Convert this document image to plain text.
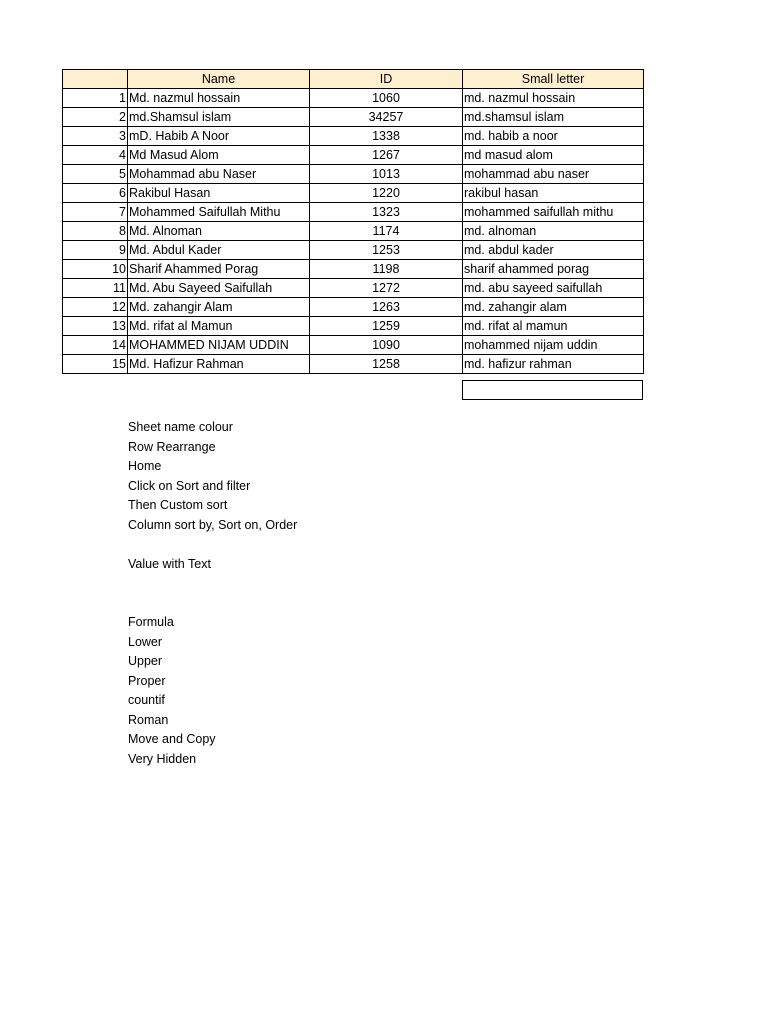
	Name	ID	Small letter
1	Md. nazmul hossain	1060	md. nazmul hossain
2	md.Shamsul islam	34257	md.shamsul islam
3	mD. Habib A Noor	1338	md. habib a noor
4	Md Masud Alom	1267	md masud alom
5	Mohammad abu Naser	1013	mohammad abu naser
6	Rakibul Hasan	1220	rakibul hasan
7	Mohammed Saifullah Mithu	1323	mohammed saifullah mithu
8	Md. Alnoman	1174	md. alnoman
9	Md. Abdul Kader	1253	md. abdul kader
10	Sharif Ahammed Porag	1198	sharif ahammed porag
11	Md. Abu Sayeed Saifullah	1272	md. abu sayeed saifullah
12	Md. zahangir Alam	1263	md. zahangir alam
13	Md. rifat al Mamun	1259	md. rifat al mamun
14	MOHAMMED NIJAM UDDIN	1090	mohammed nijam uddin
15	Md. Hafizur Rahman	1258	md. hafizur rahman
Sheet name colour
Row Rearrange
Home
Click on Sort and filter
Then Custom sort
Column sort by, Sort on, Order
Value with Text
Formula
Lower
Upper
Proper
countif
Roman
Move and Copy
Very Hidden
